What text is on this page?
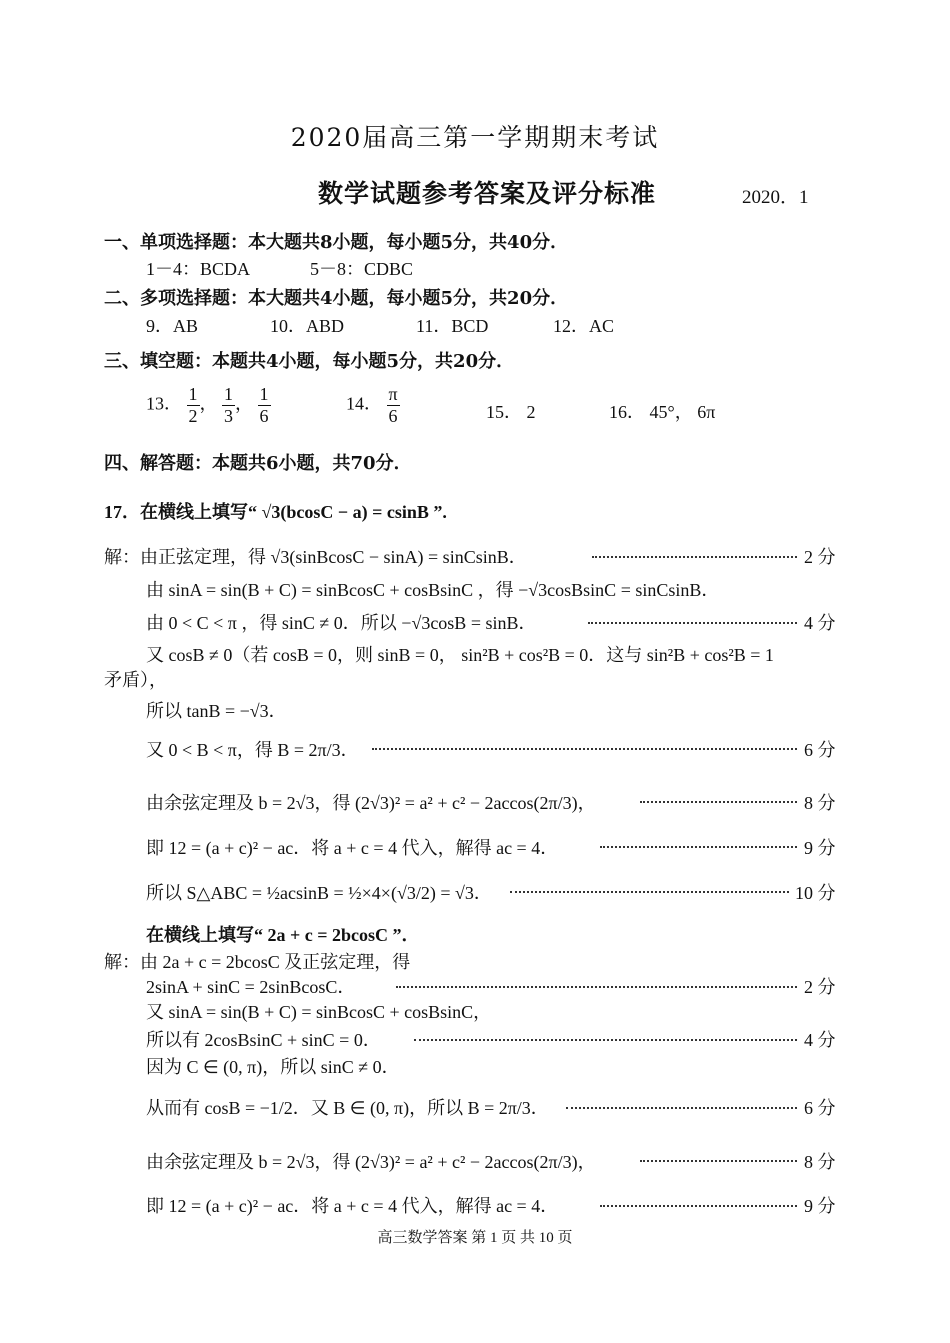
2020届高三第一学期期末考试
数学试题参考答案及评分标准	2020．1
一、单项选择题：本大题共8小题，每小题5分，共40分．
1－4：BCDA	5－8：CDBC
二、多项选择题：本大题共4小题，每小题5分，共20分．
9．AB	10．ABD	11．BCD	12．AC
三、填空题：本题共4小题，每小题5分，共20分．
13． $\frac{1}{2}$ ， $\frac{1}{3}$ ， $\frac{1}{6}$	14． $\frac{\pi}{6}$	15． 2	16． 45°， 6π
四、解答题：本题共6小题，共70分．
17．在横线上填写“ √3(bcosC − a) = csinB ”.
解：由正弦定理，得 √3(sinBcosC − sinA) = sinCsinB．	2 分
由 sinA = sin(B + C) = sinBcosC + cosBsinC ，得 −√3cosBsinC = sinCsinB．
由 0 < C < π ，得 sinC ≠ 0．所以 −√3cosB = sinB．	4 分
又 cosB ≠ 0（若 cosB = 0，则 sinB = 0， sin²B + cos²B = 0．这与 sin²B + cos²B = 1
矛盾），
所以 tanB = −√3．
又 0 < B < π，得 B = 2π/3．	6 分
由余弦定理及 b = 2√3，得 (2√3)² = a² + c² − 2accos(2π/3)，	8 分
即 12 = (a + c)² − ac．将 a + c = 4 代入，解得 ac = 4．	9 分
所以 S△ABC = ½acsinB = ½×4×(√3/2) = √3．	10 分
在横线上填写“ 2a + c = 2bcosC ”．
解：由 2a + c = 2bcosC 及正弦定理，得
2sinA + sinC = 2sinBcosC．	2 分
又 sinA = sin(B + C) = sinBcosC + cosBsinC，
所以有 2cosBsinC + sinC = 0．	4 分
因为 C ∈ (0, π)，所以 sinC ≠ 0．
从而有 cosB = −1/2．又 B ∈ (0, π)，所以 B = 2π/3．	6 分
由余弦定理及 b = 2√3，得 (2√3)² = a² + c² − 2accos(2π/3)，	8 分
即 12 = (a + c)² − ac．将 a + c = 4 代入，解得 ac = 4．	9 分
高三数学答案 第 1 页 共 10 页
